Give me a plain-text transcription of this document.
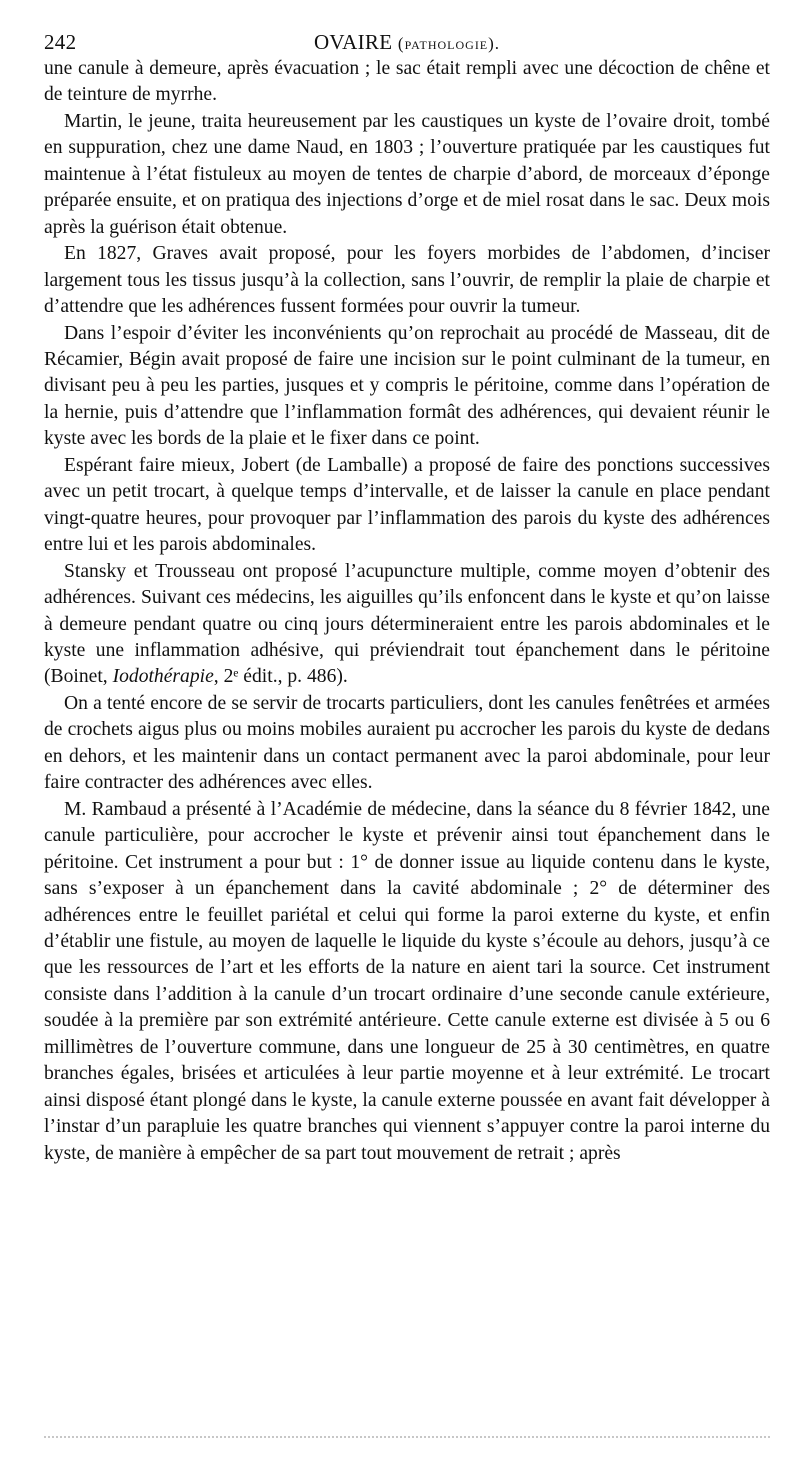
242	OVAIRE (pathologie).

une canule à demeure, après évacuation ; le sac était rempli avec une décoction de chêne et de teinture de myrrhe.

Martin, le jeune, traita heureusement par les caustiques un kyste de l’ovaire droit, tombé en suppuration, chez une dame Naud, en 1803 ; l’ouverture pratiquée par les caustiques fut maintenue à l’état fistuleux au moyen de tentes de charpie d’abord, de morceaux d’éponge préparée ensuite, et on pratiqua des injections d’orge et de miel rosat dans le sac. Deux mois après la guérison était obtenue.

En 1827, Graves avait proposé, pour les foyers morbides de l’abdomen, d’inciser largement tous les tissus jusqu’à la collection, sans l’ouvrir, de remplir la plaie de charpie et d’attendre que les adhérences fussent formées pour ouvrir la tumeur.

Dans l’espoir d’éviter les inconvénients qu’on reprochait au procédé de Masseau, dit de Récamier, Bégin avait proposé de faire une incision sur le point culminant de la tumeur, en divisant peu à peu les parties, jusques et y compris le péritoine, comme dans l’opération de la hernie, puis d’attendre que l’inflammation formât des adhérences, qui devaient réunir le kyste avec les bords de la plaie et le fixer dans ce point.

Espérant faire mieux, Jobert (de Lamballe) a proposé de faire des ponctions successives avec un petit trocart, à quelque temps d’intervalle, et de laisser la canule en place pendant vingt-quatre heures, pour provoquer par l’inflammation des parois du kyste des adhérences entre lui et les parois abdominales.

Stansky et Trousseau ont proposé l’acupuncture multiple, comme moyen d’obtenir des adhérences. Suivant ces médecins, les aiguilles qu’ils enfoncent dans le kyste et qu’on laisse à demeure pendant quatre ou cinq jours détermineraient entre les parois abdominales et le kyste une inflammation adhésive, qui préviendrait tout épanchement dans le péritoine (Boinet, Iodothérapie, 2ᵉ édit., p. 486).

On a tenté encore de se servir de trocarts particuliers, dont les canules fenêtrées et armées de crochets aigus plus ou moins mobiles auraient pu accrocher les parois du kyste de dedans en dehors, et les maintenir dans un contact permanent avec la paroi abdominale, pour leur faire contracter des adhérences avec elles.

M. Rambaud a présenté à l’Académie de médecine, dans la séance du 8 février 1842, une canule particulière, pour accrocher le kyste et prévenir ainsi tout épanchement dans le péritoine. Cet instrument a pour but : 1° de donner issue au liquide contenu dans le kyste, sans s’exposer à un épanchement dans la cavité abdominale ; 2° de déterminer des adhérences entre le feuillet pariétal et celui qui forme la paroi externe du kyste, et enfin d’établir une fistule, au moyen de laquelle le liquide du kyste s’écoule au dehors, jusqu’à ce que les ressources de l’art et les efforts de la nature en aient tari la source. Cet instrument consiste dans l’addition à la canule d’un trocart ordinaire d’une seconde canule extérieure, soudée à la première par son extrémité antérieure. Cette canule externe est divisée à 5 ou 6 millimètres de l’ouverture commune, dans une longueur de 25 à 30 centimètres, en quatre branches égales, brisées et articulées à leur partie moyenne et à leur extrémité. Le trocart ainsi disposé étant plongé dans le kyste, la canule externe poussée en avant fait développer à l’instar d’un parapluie les quatre branches qui viennent s’appuyer contre la paroi interne du kyste, de manière à empêcher de sa part tout mouvement de retrait ; après
